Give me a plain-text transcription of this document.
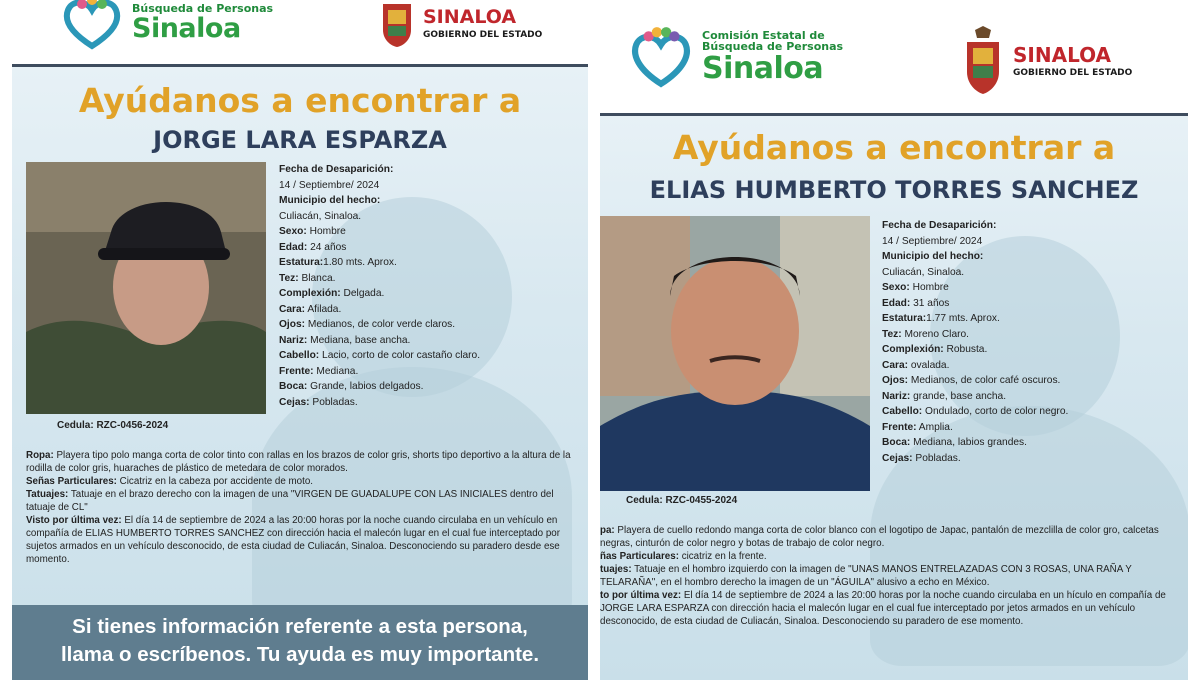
Búsqueda de Personas
Sinaloa	SINALOA
GOBIERNO DEL ESTADO
Ayúdanos a encontrar a
JORGE LARA ESPARZA
Cedula: RZC-0456-2024
Fecha de Desaparición:
14 / Septiembre/ 2024
Municipio del hecho:
Culiacán, Sinaloa.
Sexo: Hombre
Edad: 24 años
Estatura:1.80 mts. Aprox.
Tez: Blanca.
Complexión: Delgada.
Cara: Afilada.
Ojos: Medianos, de color verde claros.
Nariz: Mediana, base ancha.
Cabello: Lacio, corto de color castaño claro.
Frente: Mediana.
Boca: Grande, labios delgados.
Cejas: Pobladas.
Ropa: Playera tipo polo manga corta de color tinto con rallas en los brazos de color gris, shorts tipo deportivo a la altura de la rodilla de color gris, huaraches de plástico de metedara de color morados.
Señas Particulares: Cicatriz en la cabeza por accidente de moto.
Tatuajes: Tatuaje en el brazo derecho con la imagen de una "VIRGEN DE GUADALUPE CON LAS INICIALES dentro del tatuaje de CL"
Visto por última vez: El día 14 de septiembre de 2024 a las 20:00 horas por la noche cuando circulaba en un vehículo en compañía de ELIAS HUMBERTO TORRES SANCHEZ con dirección hacia el malecón lugar en el cual fue interceptado por sujetos armados en un vehículo desconocido, de esta ciudad de Culiacán, Sinaloa. Desconociendo su paradero desde ese momento.
Si tienes información referente a esta persona,
llama o escríbenos. Tu ayuda es muy importante.
Comisión Estatal de
Búsqueda de Personas
Sinaloa	SINALOA
GOBIERNO DEL ESTADO
Ayúdanos a encontrar a
ELIAS HUMBERTO TORRES SANCHEZ
Cedula: RZC-0455-2024
Fecha de Desaparición:
14 / Septiembre/ 2024
Municipio del hecho:
Culiacán, Sinaloa.
Sexo: Hombre
Edad: 31 años
Estatura:1.77 mts. Aprox.
Tez: Moreno Claro.
Complexión: Robusta.
Cara: ovalada.
Ojos: Medianos, de color café oscuros.
Nariz: grande, base ancha.
Cabello: Ondulado, corto de color negro.
Frente: Amplia.
Boca: Mediana, labios grandes.
Cejas: Pobladas.
pa: Playera de cuello redondo manga corta de color blanco con el logotipo de Japac, pantalón de mezclilla de color gro, calcetas negras, cinturón de color negro y botas de trabajo de color negro.
ñas Particulares: cicatriz en la frente.
tuajes: Tatuaje en el hombro izquierdo con la imagen de "UNAS MANOS ENTRELAZADAS CON 3 ROSAS, UNA RAÑA Y TELARAÑA", en el hombro derecho la imagen de un "ÁGUILA" alusivo a echo en México.
to por última vez: El día 14 de septiembre de 2024 a las 20:00 horas por la noche cuando circulaba en un hículo en compañía de JORGE LARA ESPARZA con dirección hacia el malecón lugar en el cual fue interceptado por jetos armados en un vehículo desconocido, de esta ciudad de Culiacán, Sinaloa. Desconociendo su paradero de ese momento.
